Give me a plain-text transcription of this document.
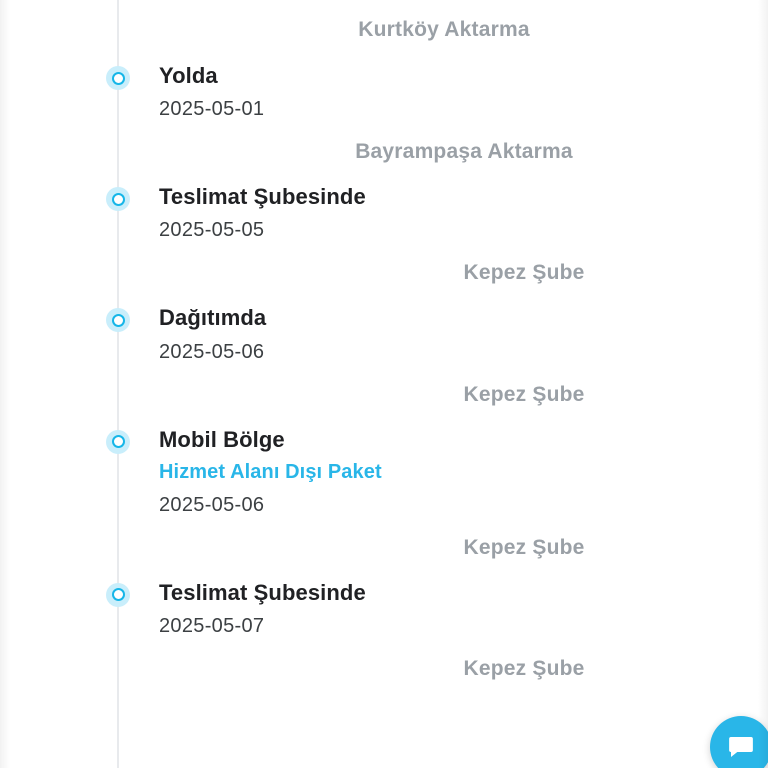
Kurtköy Aktarma
Yolda
2025-05-01
Bayrampaşa Aktarma
Teslimat Şubesinde
2025-05-05
Kepez Şube
Dağıtımda
2025-05-06
Kepez Şube
Mobil Bölge
Hizmet Alanı Dışı Paket
2025-05-06
Kepez Şube
Teslimat Şubesinde
2025-05-07
Kepez Şube
